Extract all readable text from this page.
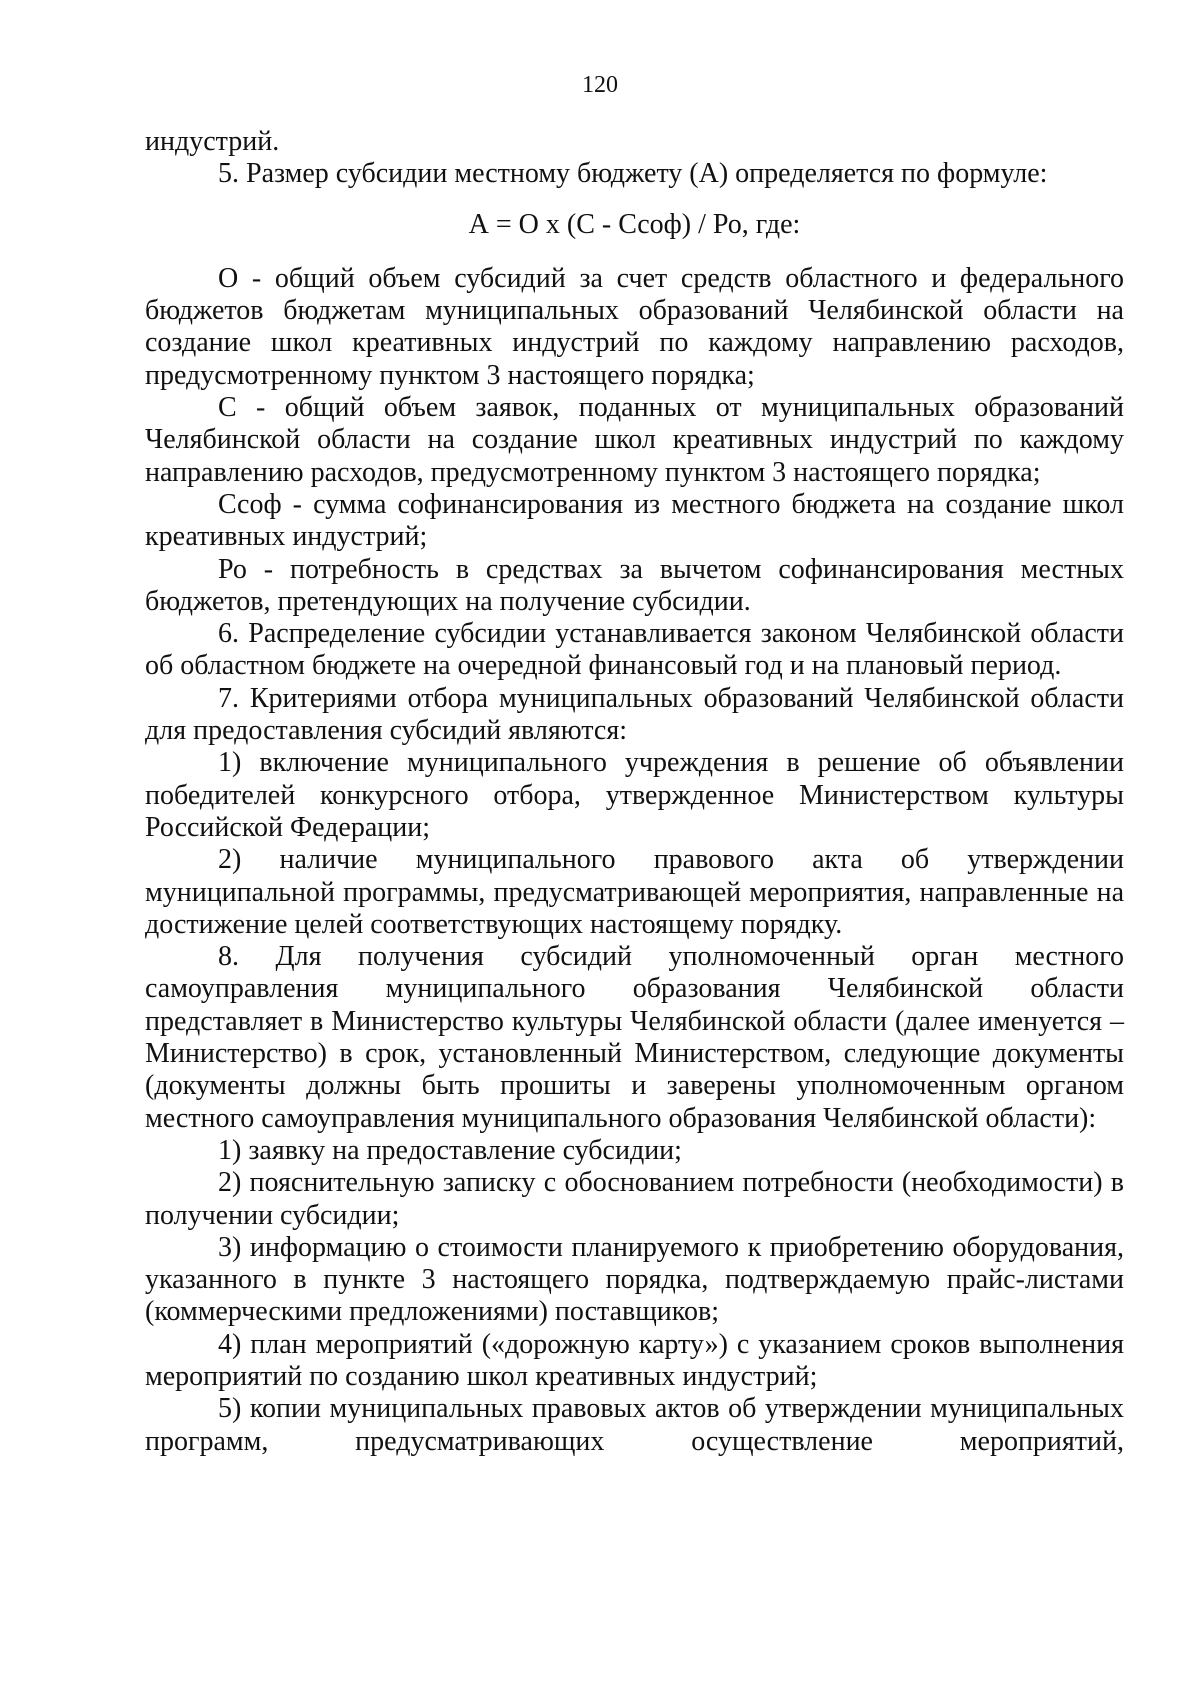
120

индустрий.

5. Размер субсидии местному бюджету (А) определяется по формуле:

А = О х (С - Ссоф) / Ро, где:

О - общий объем субсидий за счет средств областного и федерального бюджетов бюджетам муниципальных образований Челябинской области на создание школ креативных индустрий по каждому направлению расходов, предусмотренному пунктом 3 настоящего порядка;

С - общий объем заявок, поданных от муниципальных образований Челябинской области на создание школ креативных индустрий по каждому направлению расходов, предусмотренному пунктом 3 настоящего порядка;

Ссоф - сумма софинансирования из местного бюджета на создание школ креативных индустрий;

Ро - потребность в средствах за вычетом софинансирования местных бюджетов, претендующих на получение субсидии.

6. Распределение субсидии устанавливается законом Челябинской области об областном бюджете на очередной финансовый год и на плановый период.

7. Критериями отбора муниципальных образований Челябинской области для предоставления субсидий являются:

1) включение муниципального учреждения в решение об объявлении победителей конкурсного отбора, утвержденное Министерством культуры Российской Федерации;

2) наличие муниципального правового акта об утверждении муниципальной программы, предусматривающей мероприятия, направленные на достижение целей соответствующих настоящему порядку.

8. Для получения субсидий уполномоченный орган местного самоуправления муниципального образования Челябинской области представляет в Министерство культуры Челябинской области (далее именуется – Министерство) в срок, установленный Министерством, следующие документы (документы должны быть прошиты и заверены уполномоченным органом местного самоуправления муниципального образования Челябинской области):

1) заявку на предоставление субсидии;

2) пояснительную записку с обоснованием потребности (необходимости) в получении субсидии;

3) информацию о стоимости планируемого к приобретению оборудования, указанного в пункте 3 настоящего порядка, подтверждаемую прайс-листами (коммерческими предложениями) поставщиков;

4) план мероприятий («дорожную карту») с указанием сроков выполнения мероприятий по созданию школ креативных индустрий;

5) копии муниципальных правовых актов об утверждении муниципальных программ, предусматривающих осуществление мероприятий,
